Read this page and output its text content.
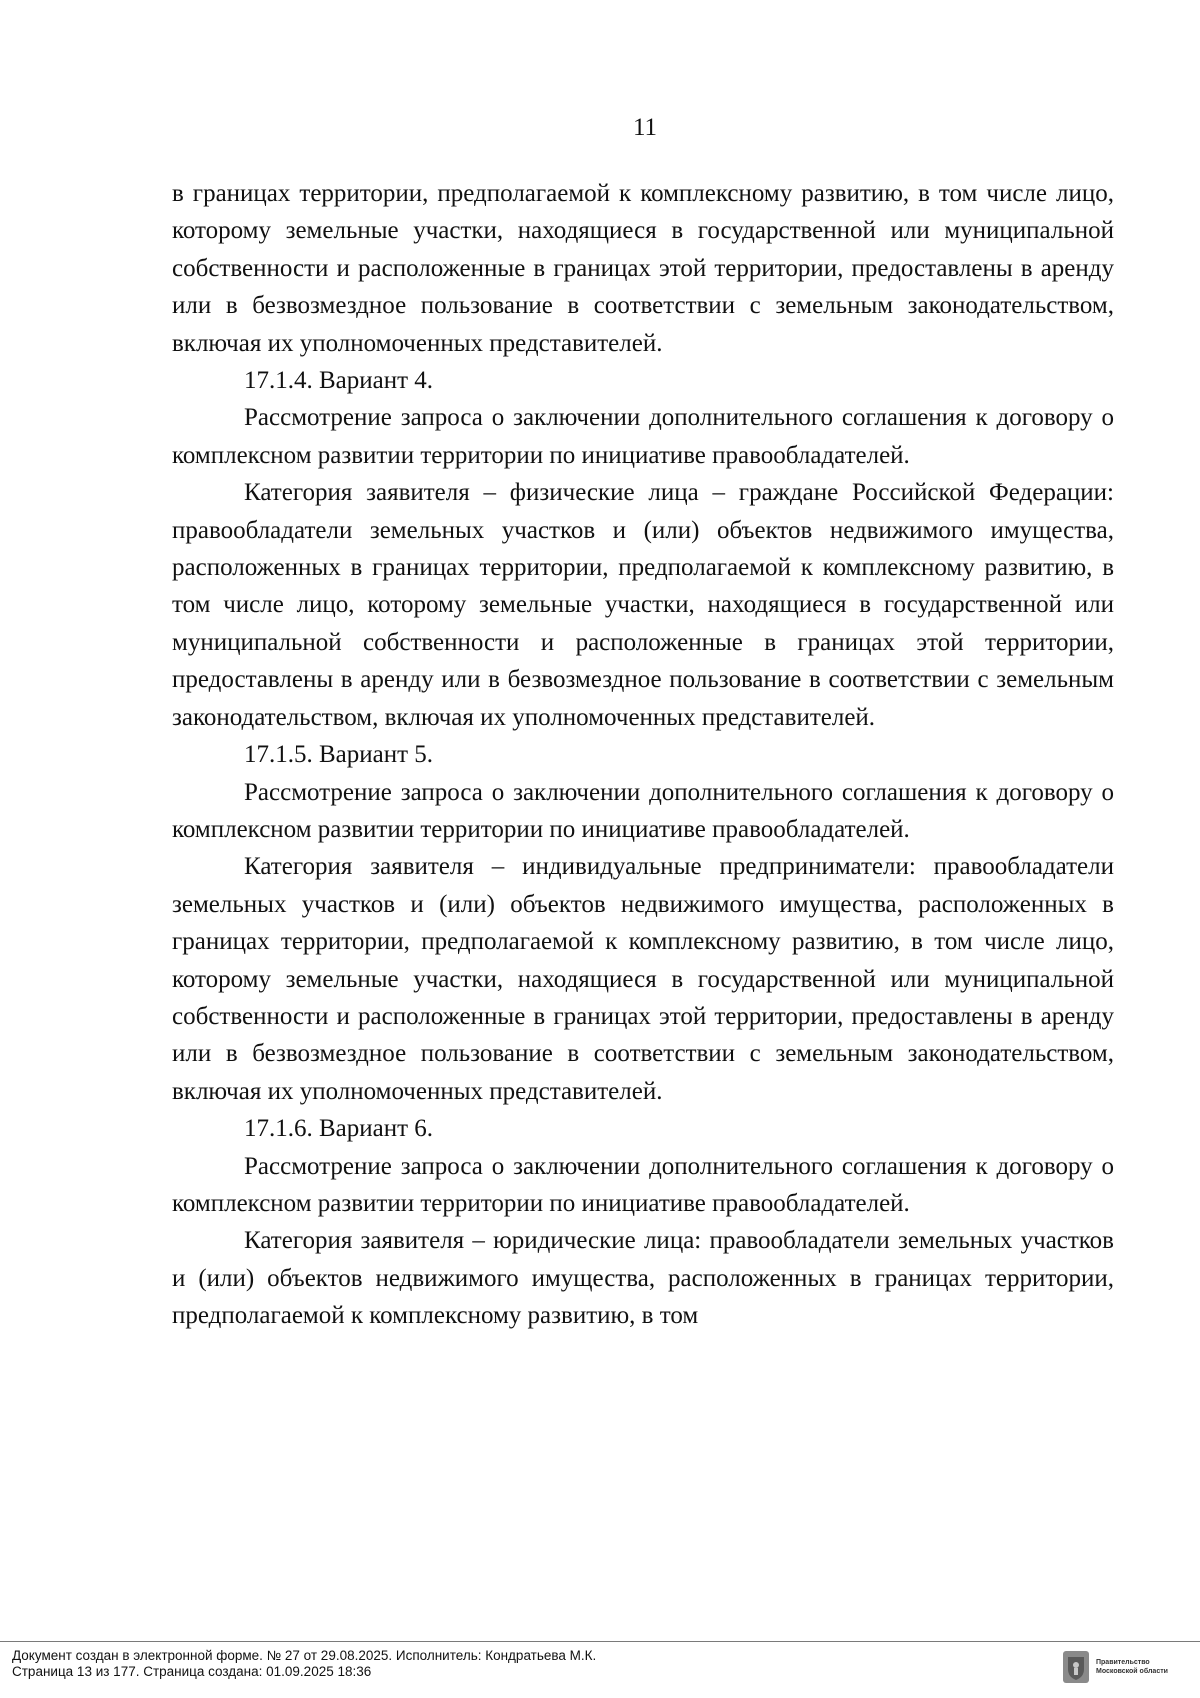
11

в границах территории, предполагаемой к комплексному развитию, в том числе лицо, которому земельные участки, находящиеся в государственной или муниципальной собственности и расположенные в границах этой территории, предоставлены в аренду или в безвозмездное пользование в соответствии с земельным законодательством, включая их уполномоченных представителей.

17.1.4. Вариант 4.

Рассмотрение запроса о заключении дополнительного соглашения к договору о комплексном развитии территории по инициативе правообладателей.

Категория заявителя – физические лица – граждане Российской Федерации: правообладатели земельных участков и (или) объектов недвижимого имущества, расположенных в границах территории, предполагаемой к комплексному развитию, в том числе лицо, которому земельные участки, находящиеся в государственной или муниципальной собственности и расположенные в границах этой территории, предоставлены в аренду или в безвозмездное пользование в соответствии с земельным законодательством, включая их уполномоченных представителей.

17.1.5. Вариант 5.

Рассмотрение запроса о заключении дополнительного соглашения к договору о комплексном развитии территории по инициативе правообладателей.

Категория заявителя – индивидуальные предприниматели: правообладатели земельных участков и (или) объектов недвижимого имущества, расположенных в границах территории, предполагаемой к комплексному развитию, в том числе лицо, которому земельные участки, находящиеся в государственной или муниципальной собственности и расположенные в границах этой территории, предоставлены в аренду или в безвозмездное пользование в соответствии с земельным законодательством, включая их уполномоченных представителей.

17.1.6. Вариант 6.

Рассмотрение запроса о заключении дополнительного соглашения к договору о комплексном развитии территории по инициативе правообладателей.

Категория заявителя – юридические лица: правообладатели земельных участков и (или) объектов недвижимого имущества, расположенных в границах территории, предполагаемой к комплексному развитию, в том

Документ создан в электронной форме. № 27 от 29.08.2025. Исполнитель: Кондратьева М.К.
Страница 13 из 177. Страница создана: 01.09.2025 18:36
Правительство
Московской области
